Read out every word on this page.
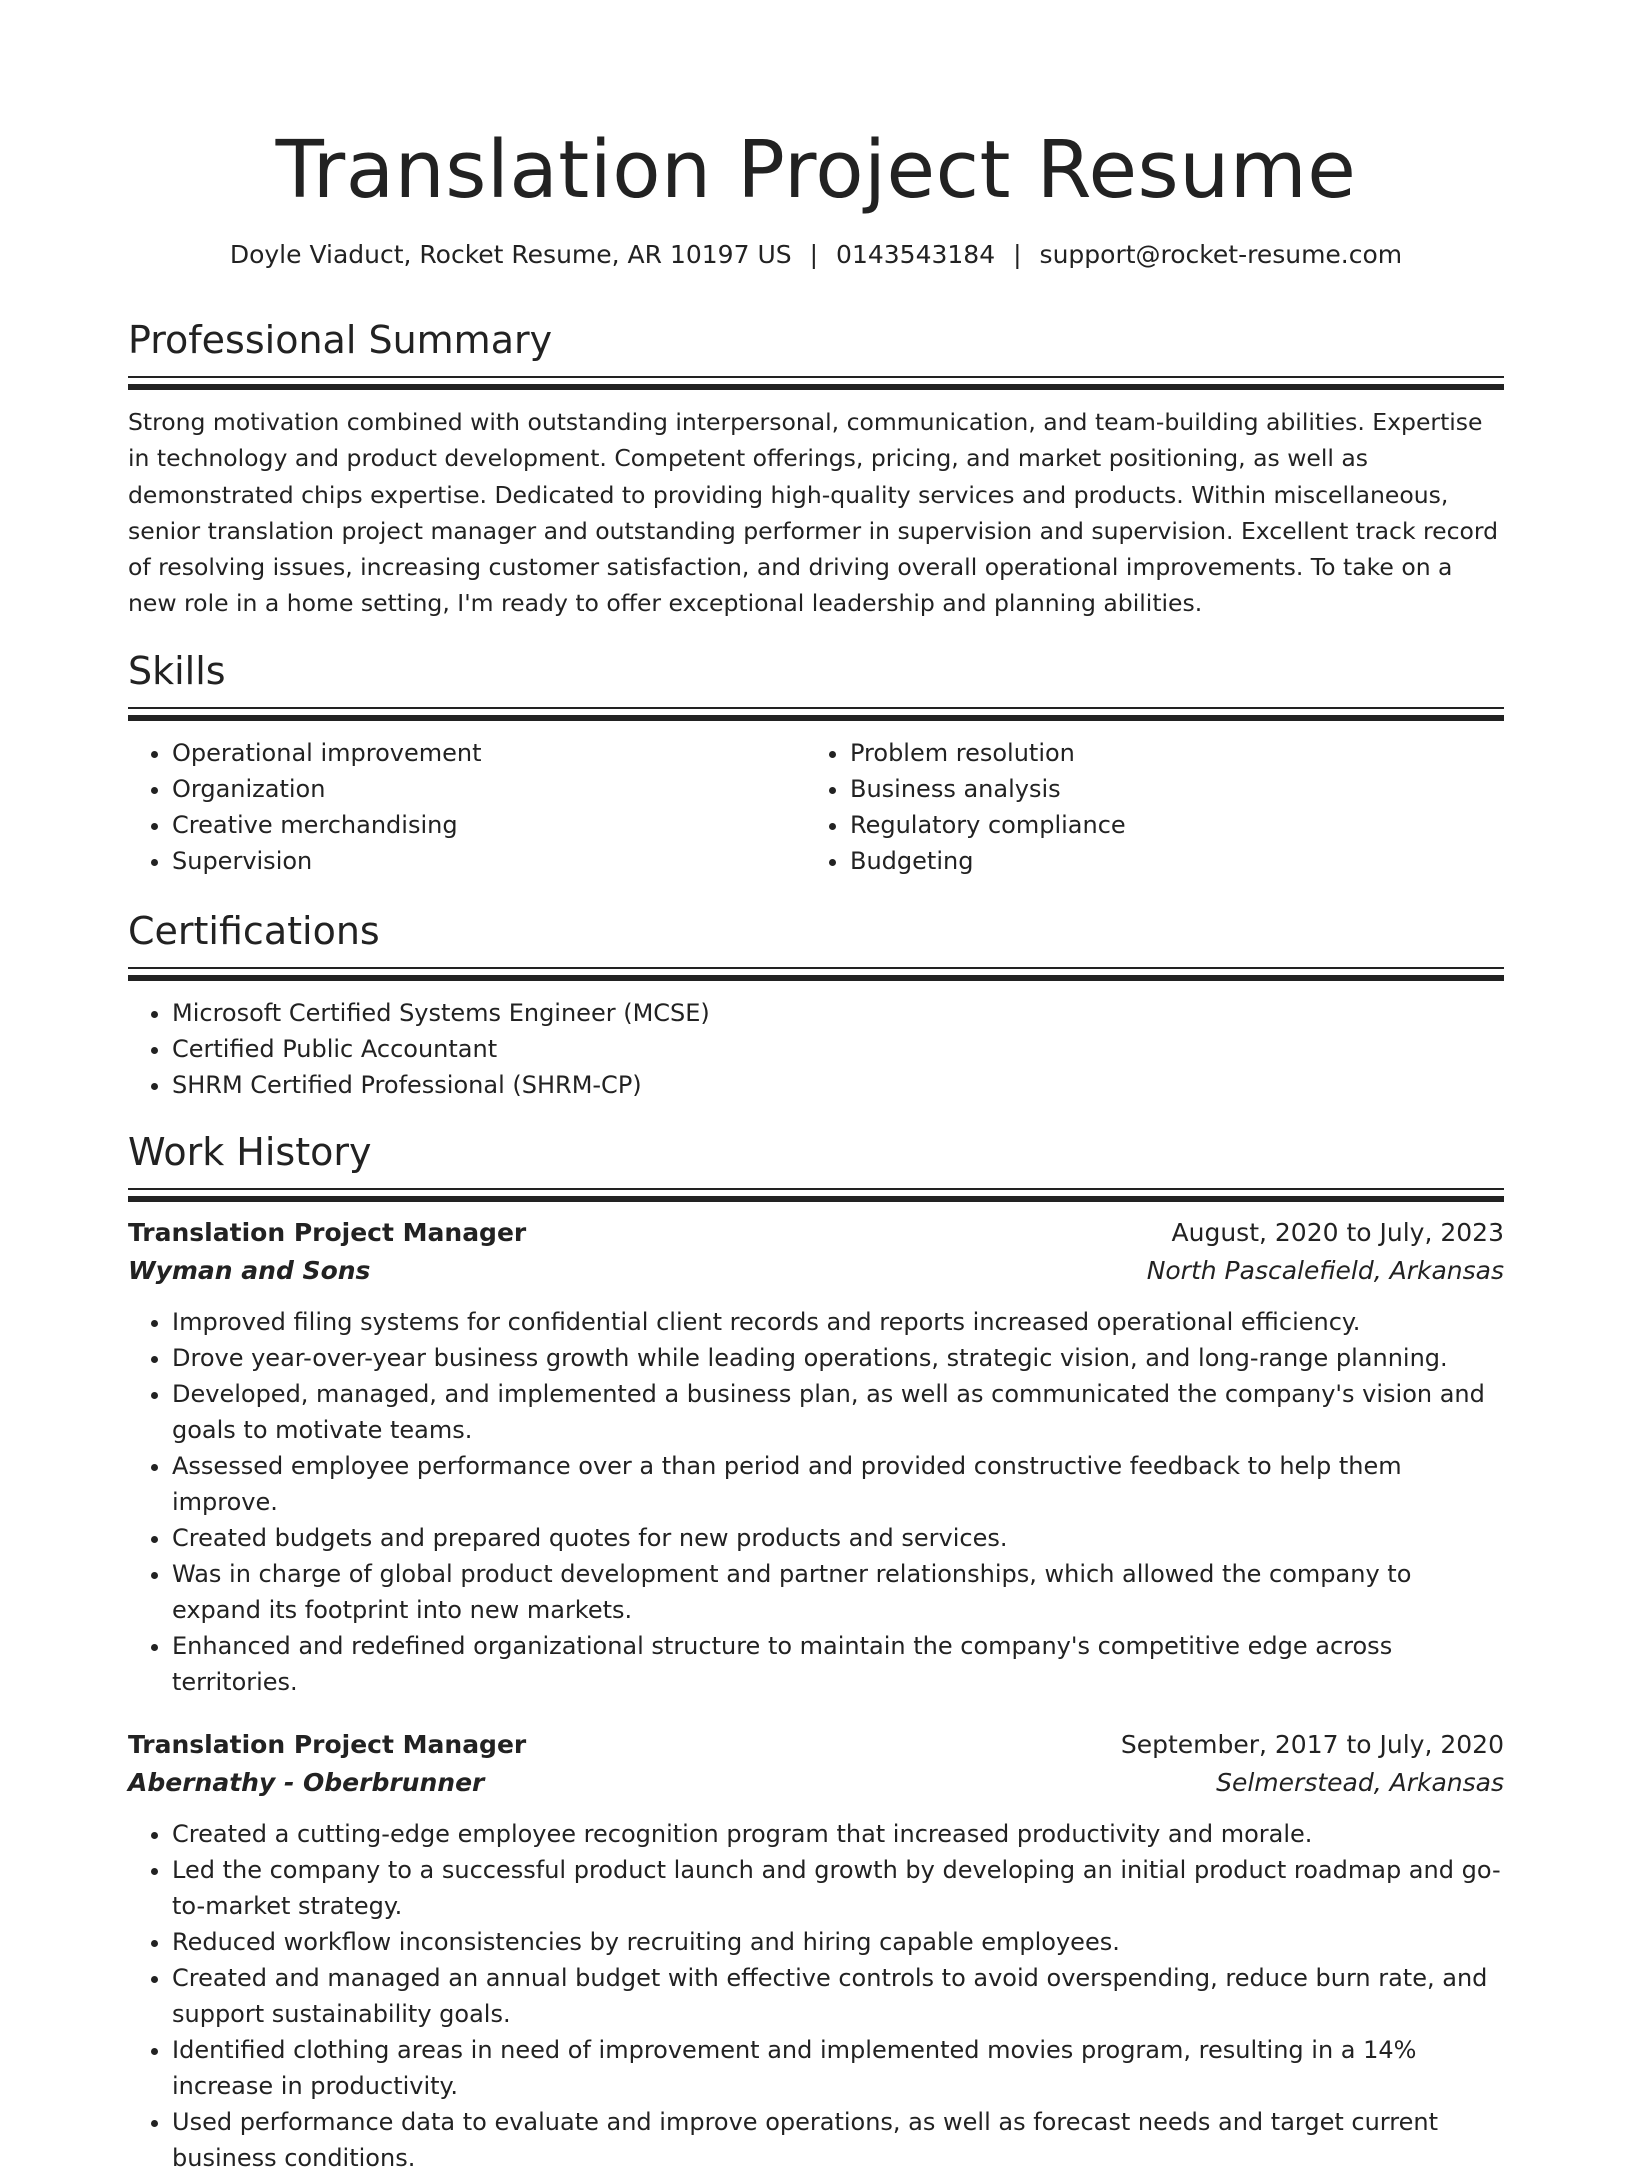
Translation Project Resume
Doyle Viaduct, Rocket Resume, AR 10197 US | 0143543184 | support@rocket-resume.com
Professional Summary

Strong motivation combined with outstanding interpersonal, communication, and team-building abilities. Expertise in technology and product development. Competent offerings, pricing, and market positioning, as well as demonstrated chips expertise. Dedicated to providing high-quality services and products. Within miscellaneous, senior translation project manager and outstanding performer in supervision and supervision. Excellent track record of resolving issues, increasing customer satisfaction, and driving overall operational improvements. To take on a new role in a home setting, I'm ready to offer exceptional leadership and planning abilities.

Skills
• Operational improvement
• Organization
• Creative merchandising
• Supervision
• Problem resolution
• Business analysis
• Regulatory compliance
• Budgeting
Certifications
• Microsoft Certified Systems Engineer (MCSE)
• Certified Public Accountant
• SHRM Certified Professional (SHRM-CP)
Work History
Translation Project Manager	August, 2020 to July, 2023
Wyman and Sons	North Pascalefield, Arkansas
• Improved filing systems for confidential client records and reports increased operational efficiency.
• Drove year-over-year business growth while leading operations, strategic vision, and long-range planning.
• Developed, managed, and implemented a business plan, as well as communicated the company's vision and goals to motivate teams.
• Assessed employee performance over a than period and provided constructive feedback to help them improve.
• Created budgets and prepared quotes for new products and services.
• Was in charge of global product development and partner relationships, which allowed the company to expand its footprint into new markets.
• Enhanced and redefined organizational structure to maintain the company's competitive edge across territories.
Translation Project Manager	September, 2017 to July, 2020
Abernathy - Oberbrunner	Selmerstead, Arkansas
• Created a cutting-edge employee recognition program that increased productivity and morale.
• Led the company to a successful product launch and growth by developing an initial product roadmap and go-to-market strategy.
• Reduced workflow inconsistencies by recruiting and hiring capable employees.
• Created and managed an annual budget with effective controls to avoid overspending, reduce burn rate, and support sustainability goals.
• Identified clothing areas in need of improvement and implemented movies program, resulting in a 14% increase in productivity.
• Used performance data to evaluate and improve operations, as well as forecast needs and target current business conditions.
